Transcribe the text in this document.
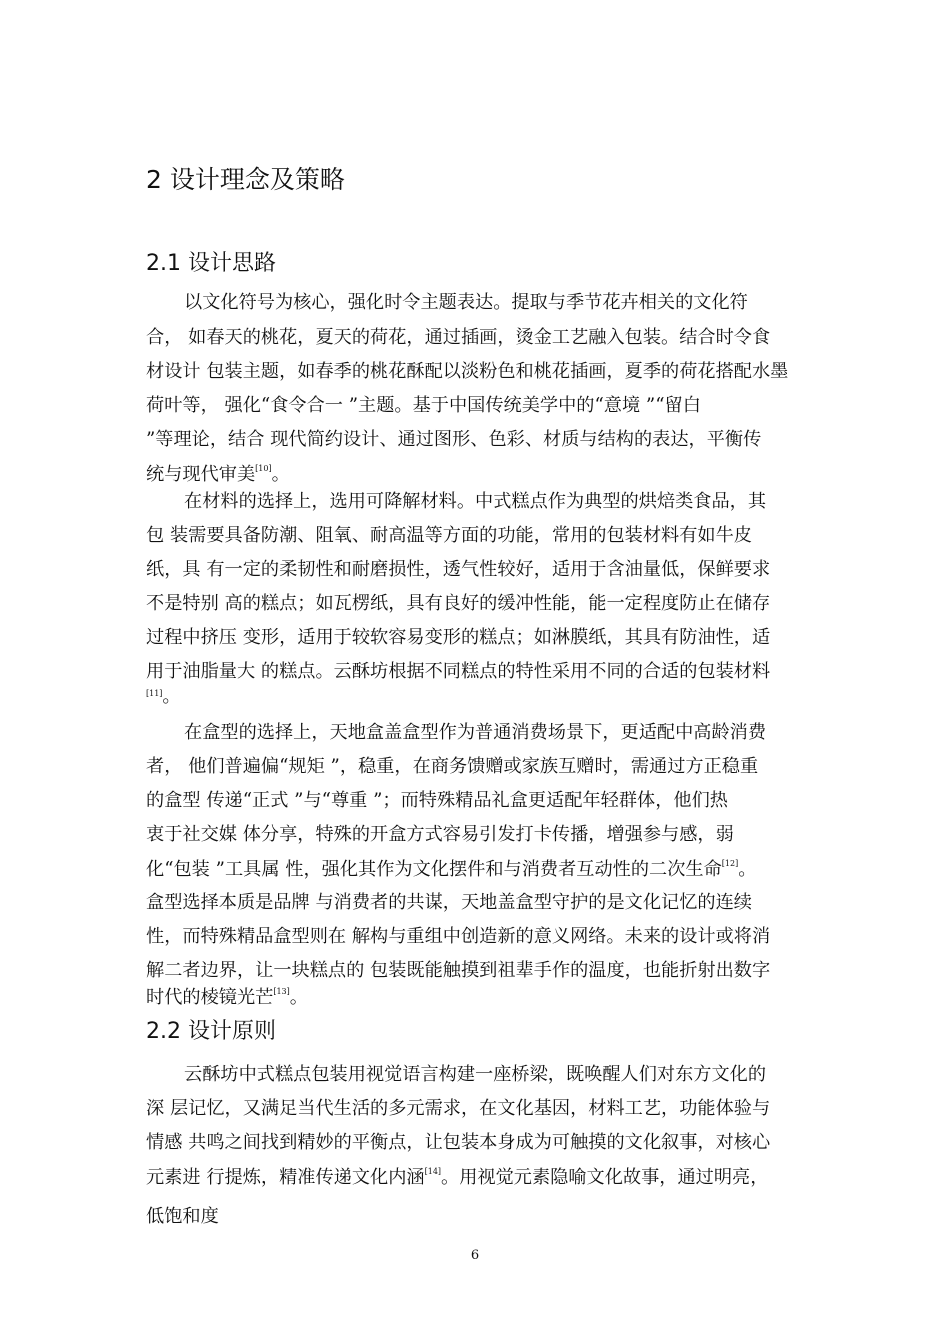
2 设计理念及策略
2.1 设计思路
以文化符号为核心，强化时令主题表达。提取与季节花卉相关的文化符
合， 如春天的桃花，夏天的荷花，通过插画，烫金工艺融入包装。结合时令食
材设计 包装主题，如春季的桃花酥配以淡粉色和桃花插画，夏季的荷花搭配水墨
荷叶等， 强化“食令合一 ”主题。基于中国传统美学中的“意境 ”“留白
”等理论，结合 现代简约设计、通过图形、色彩、材质与结构的表达，平衡传
统与现代审美[10]。
在材料的选择上，选用可降解材料。中式糕点作为典型的烘焙类食品，其
包 装需要具备防潮、阻氧、耐高温等方面的功能，常用的包装材料有如牛皮
纸，具 有一定的柔韧性和耐磨损性，透气性较好，适用于含油量低，保鲜要求
不是特别 高的糕点；如瓦楞纸，具有良好的缓冲性能，能一定程度防止在储存
过程中挤压 变形，适用于较软容易变形的糕点；如淋膜纸，其具有防油性，适
用于油脂量大 的糕点。云酥坊根据不同糕点的特性采用不同的合适的包装材料
[11]。
在盒型的选择上，天地盒盖盒型作为普通消费场景下，更适配中高龄消费
者， 他们普遍偏“规矩 ”，稳重，在商务馈赠或家族互赠时，需通过方正稳重
的盒型 传递“正式 ”与“尊重 ”；而特殊精品礼盒更适配年轻群体，他们热
衷于社交媒 体分享，特殊的开盒方式容易引发打卡传播，增强参与感，弱
化“包装 ”工具属 性，强化其作为文化摆件和与消费者互动性的二次生命[12]。
盒型选择本质是品牌 与消费者的共谋，天地盖盒型守护的是文化记忆的连续
性，而特殊精品盒型则在 解构与重组中创造新的意义网络。未来的设计或将消
解二者边界，让一块糕点的 包装既能触摸到祖辈手作的温度，也能折射出数字
时代的棱镜光芒[13]。
2.2 设计原则
云酥坊中式糕点包装用视觉语言构建一座桥梁，既唤醒人们对东方文化的
深 层记忆，又满足当代生活的多元需求，在文化基因，材料工艺，功能体验与
情感 共鸣之间找到精妙的平衡点，让包装本身成为可触摸的文化叙事，对核心
元素进 行提炼，精准传递文化内涵[14]。用视觉元素隐喻文化故事，通过明亮，
低饱和度
6
